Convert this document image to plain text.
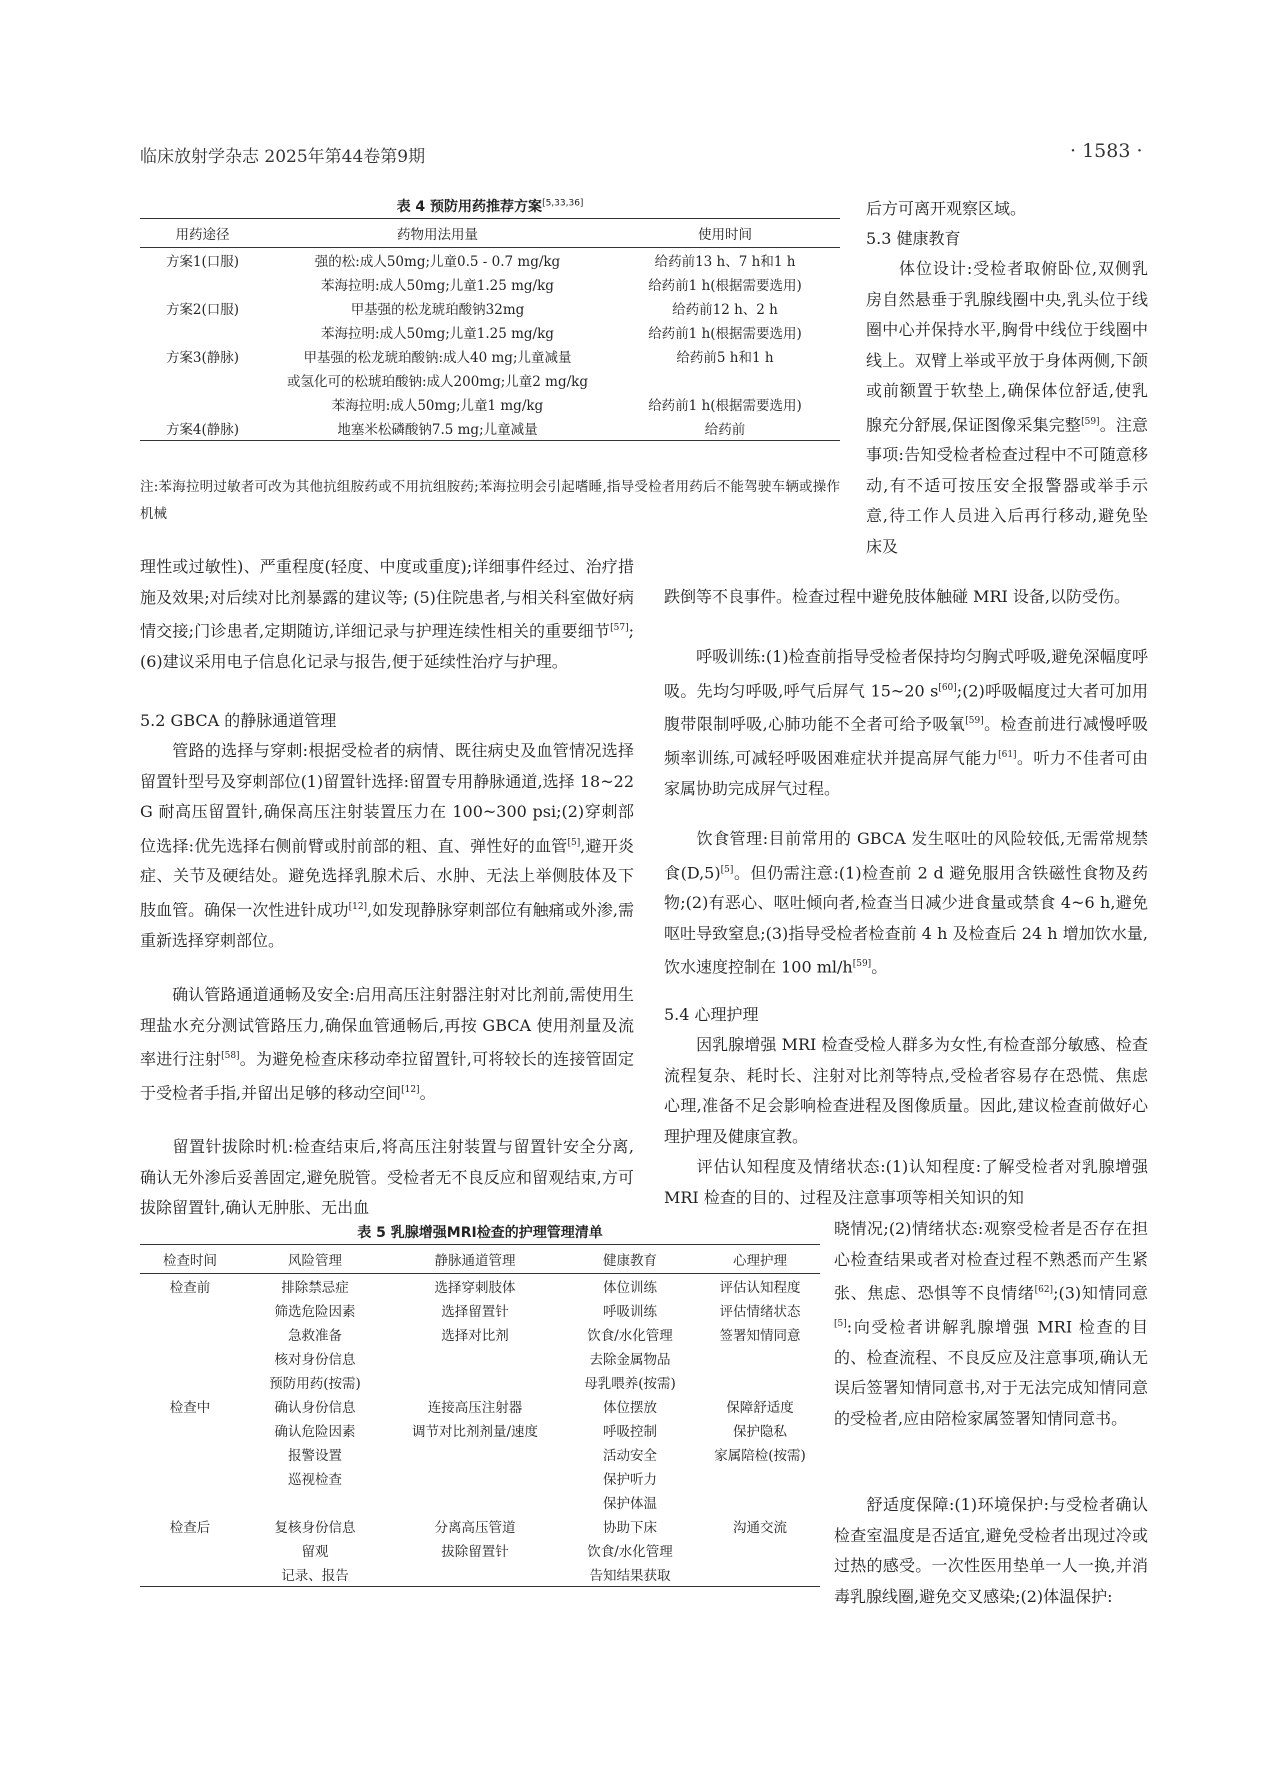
临床放射学杂志 2025年第44卷第9期	· 1583 ·
表 4 预防用药推荐方案[5,33,36]
用药途径	药物用法用量	使用时间
方案1(口服)	强的松:成人50mg;儿童0.5 - 0.7 mg/kg	给药前13 h、7 h和1 h
	苯海拉明:成人50mg;儿童1.25 mg/kg	给药前1 h(根据需要选用)
方案2(口服)	甲基强的松龙琥珀酸钠32mg	给药前12 h、2 h
	苯海拉明:成人50mg;儿童1.25 mg/kg	给药前1 h(根据需要选用)
方案3(静脉)	甲基强的松龙琥珀酸钠:成人40 mg;儿童减量	给药前5 h和1 h
	或氢化可的松琥珀酸钠:成人200mg;儿童2 mg/kg	
	苯海拉明:成人50mg;儿童1 mg/kg	给药前1 h(根据需要选用)
方案4(静脉)	地塞米松磷酸钠7.5 mg;儿童减量	给药前
注:苯海拉明过敏者可改为其他抗组胺药或不用抗组胺药;苯海拉明会引起嗜睡,指导受检者用药后不能驾驶车辆或操作机械
后方可离开观察区域。
5.3 健康教育
体位设计:受检者取俯卧位,双侧乳房自然悬垂于乳腺线圈中央,乳头位于线圈中心并保持水平,胸骨中线位于线圈中线上。双臂上举或平放于身体两侧,下颌或前额置于软垫上,确保体位舒适,使乳腺充分舒展,保证图像采集完整[59]。注意事项:告知受检者检查过程中不可随意移动,有不适可按压安全报警器或举手示意,待工作人员进入后再行移动,避免坠床及
跌倒等不良事件。检查过程中避免肢体触碰 MRI 设备,以防受伤。
理性或过敏性)、严重程度(轻度、中度或重度);详细事件经过、治疗措施及效果;对后续对比剂暴露的建议等; (5)住院患者,与相关科室做好病情交接;门诊患者,定期随访,详细记录与护理连续性相关的重要细节[57]; (6)建议采用电子信息化记录与报告,便于延续性治疗与护理。
5.2 GBCA 的静脉通道管理
管路的选择与穿刺:根据受检者的病情、既往病史及血管情况选择留置针型号及穿刺部位(1)留置针选择:留置专用静脉通道,选择 18~22 G 耐高压留置针,确保高压注射装置压力在 100~300 psi;(2)穿刺部位选择:优先选择右侧前臂或肘前部的粗、直、弹性好的血管[5],避开炎症、关节及硬结处。避免选择乳腺术后、水肿、无法上举侧肢体及下肢血管。确保一次性进针成功[12],如发现静脉穿刺部位有触痛或外渗,需重新选择穿刺部位。
确认管路通道通畅及安全:启用高压注射器注射对比剂前,需使用生理盐水充分测试管路压力,确保血管通畅后,再按 GBCA 使用剂量及流率进行注射[58]。为避免检查床移动牵拉留置针,可将较长的连接管固定于受检者手指,并留出足够的移动空间[12]。
留置针拔除时机:检查结束后,将高压注射装置与留置针安全分离,确认无外渗后妥善固定,避免脱管。受检者无不良反应和留观结束,方可拔除留置针,确认无肿胀、无出血
呼吸训练:(1)检查前指导受检者保持均匀胸式呼吸,避免深幅度呼吸。先均匀呼吸,呼气后屏气 15~20 s[60];(2)呼吸幅度过大者可加用腹带限制呼吸,心肺功能不全者可给予吸氧[59]。检查前进行减慢呼吸频率训练,可减轻呼吸困难症状并提高屏气能力[61]。听力不佳者可由家属协助完成屏气过程。
饮食管理:目前常用的 GBCA 发生呕吐的风险较低,无需常规禁食(D,5)[5]。但仍需注意:(1)检查前 2 d 避免服用含铁磁性食物及药物;(2)有恶心、呕吐倾向者,检查当日减少进食量或禁食 4~6 h,避免呕吐导致窒息;(3)指导受检者检查前 4 h 及检查后 24 h 增加饮水量,饮水速度控制在 100 ml/h[59]。
5.4 心理护理
因乳腺增强 MRI 检查受检人群多为女性,有检查部分敏感、检查流程复杂、耗时长、注射对比剂等特点,受检者容易存在恐慌、焦虑心理,准备不足会影响检查进程及图像质量。因此,建议检查前做好心理护理及健康宣教。
评估认知程度及情绪状态:(1)认知程度:了解受检者对乳腺增强 MRI 检查的目的、过程及注意事项等相关知识的知
晓情况;(2)情绪状态:观察受检者是否存在担心检查结果或者对检查过程不熟悉而产生紧张、焦虑、恐惧等不良情绪[62];(3)知情同意[5]:向受检者讲解乳腺增强 MRI 检查的目的、检查流程、不良反应及注意事项,确认无误后签署知情同意书,对于无法完成知情同意的受检者,应由陪检家属签署知情同意书。
舒适度保障:(1)环境保护:与受检者确认检查室温度是否适宜,避免受检者出现过冷或过热的感受。一次性医用垫单一人一换,并消毒乳腺线圈,避免交叉感染;(2)体温保护:
表 5 乳腺增强MRI检查的护理管理清单
检查时间	风险管理	静脉通道管理	健康教育	心理护理
检查前	排除禁忌症	选择穿刺肢体	体位训练	评估认知程度
	筛选危险因素	选择留置针	呼吸训练	评估情绪状态
	急救准备	选择对比剂	饮食/水化管理	签署知情同意
	核对身份信息		去除金属物品	
	预防用药(按需)		母乳喂养(按需)	
检查中	确认身份信息	连接高压注射器	体位摆放	保障舒适度
	确认危险因素	调节对比剂剂量/速度	呼吸控制	保护隐私
	报警设置		活动安全	家属陪检(按需)
	巡视检查		保护听力	
			保护体温	
检查后	复核身份信息	分离高压管道	协助下床	沟通交流
	留观	拔除留置针	饮食/水化管理	
	记录、报告		告知结果获取	
